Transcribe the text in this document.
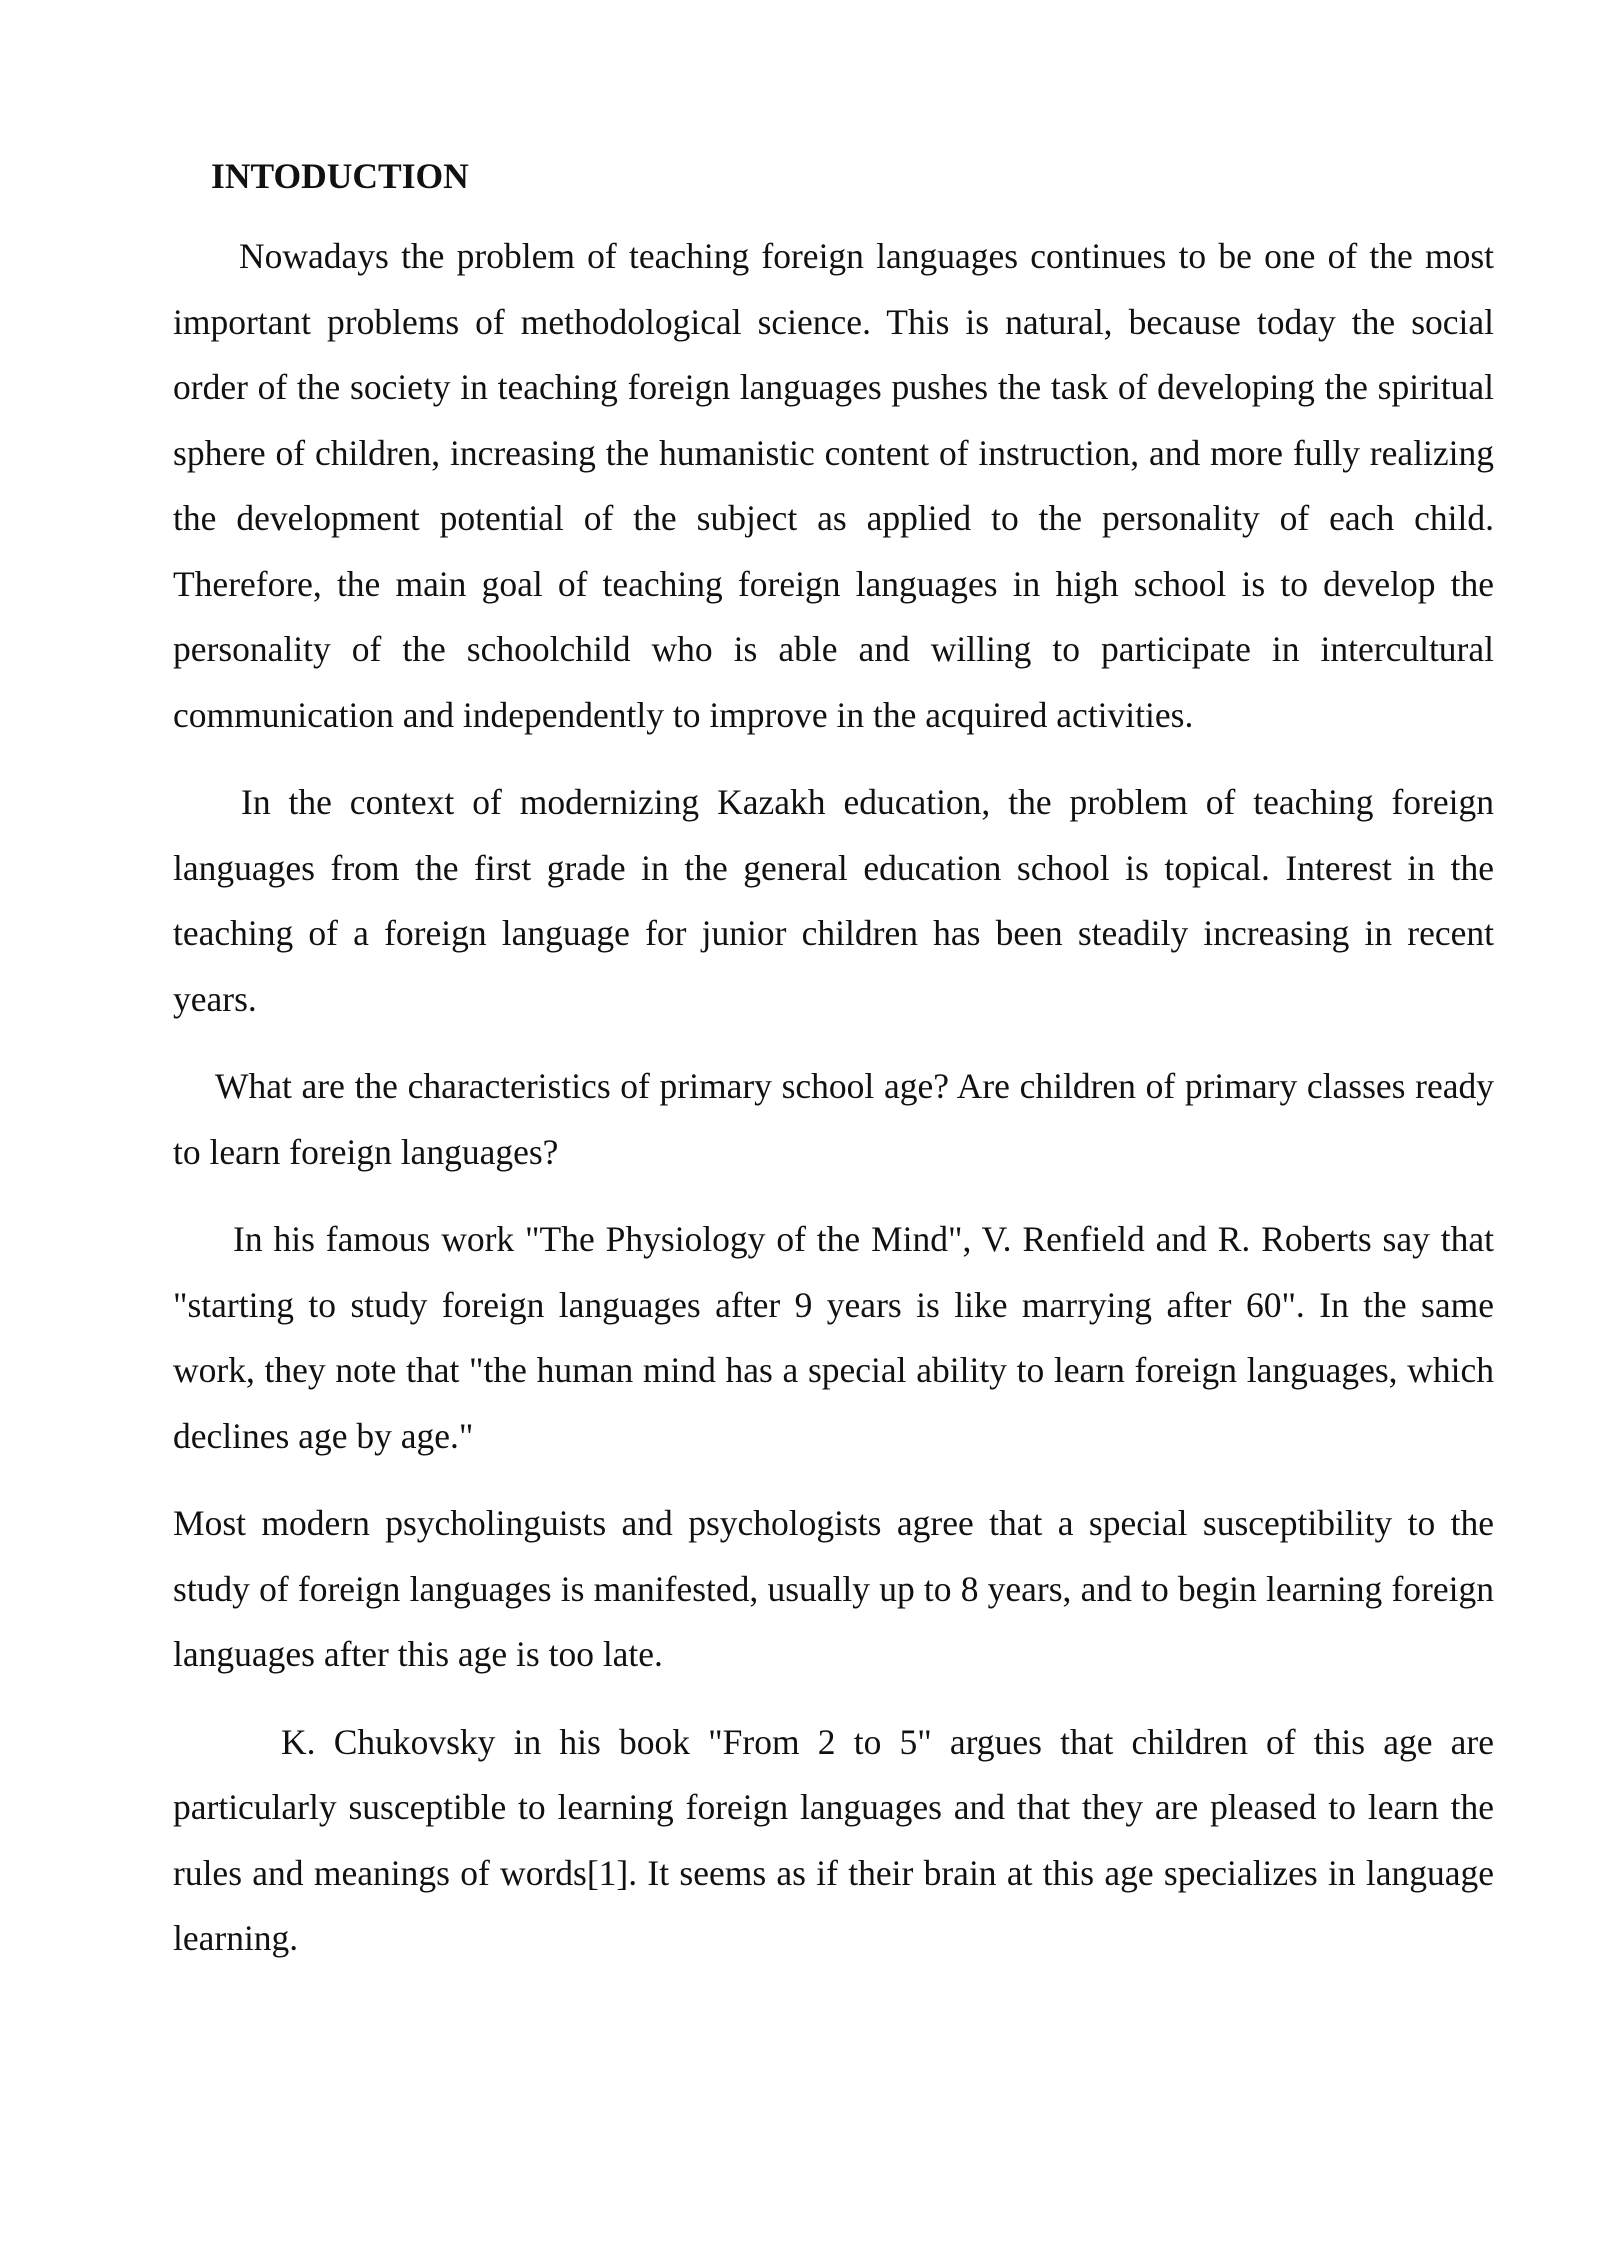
INTODUCTION

Nowadays the problem of teaching foreign languages continues to be one of the most important problems of methodological science. This is natural, because today the social order of the society in teaching foreign languages pushes the task of developing the spiritual sphere of children, increasing the humanistic content of instruction, and more fully realizing the development potential of the subject as applied to the personality of each child. Therefore, the main goal of teaching foreign languages in high school is to develop the personality of the schoolchild who is able and willing to participate in intercultural communication and independently to improve in the acquired activities.

In the context of modernizing Kazakh education, the problem of teaching foreign languages from the first grade in the general education school is topical. Interest in the teaching of a foreign language for junior children has been steadily increasing in recent years.

What are the characteristics of primary school age? Are children of primary classes ready to learn foreign languages?

In his famous work "The Physiology of the Mind", V. Renfield and R. Roberts say that "starting to study foreign languages after 9 years is like marrying after 60". In the same work, they note that "the human mind has a special ability to learn foreign languages, which declines age by age."

Most modern psycholinguists and psychologists agree that a special susceptibility to the study of foreign languages is manifested, usually up to 8 years, and to begin learning foreign languages after this age is too late.

K. Chukovsky in his book "From 2 to 5" argues that children of this age are particularly susceptible to learning foreign languages and that they are pleased to learn the rules and meanings of words[1]. It seems as if their brain at this age specializes in language learning.
